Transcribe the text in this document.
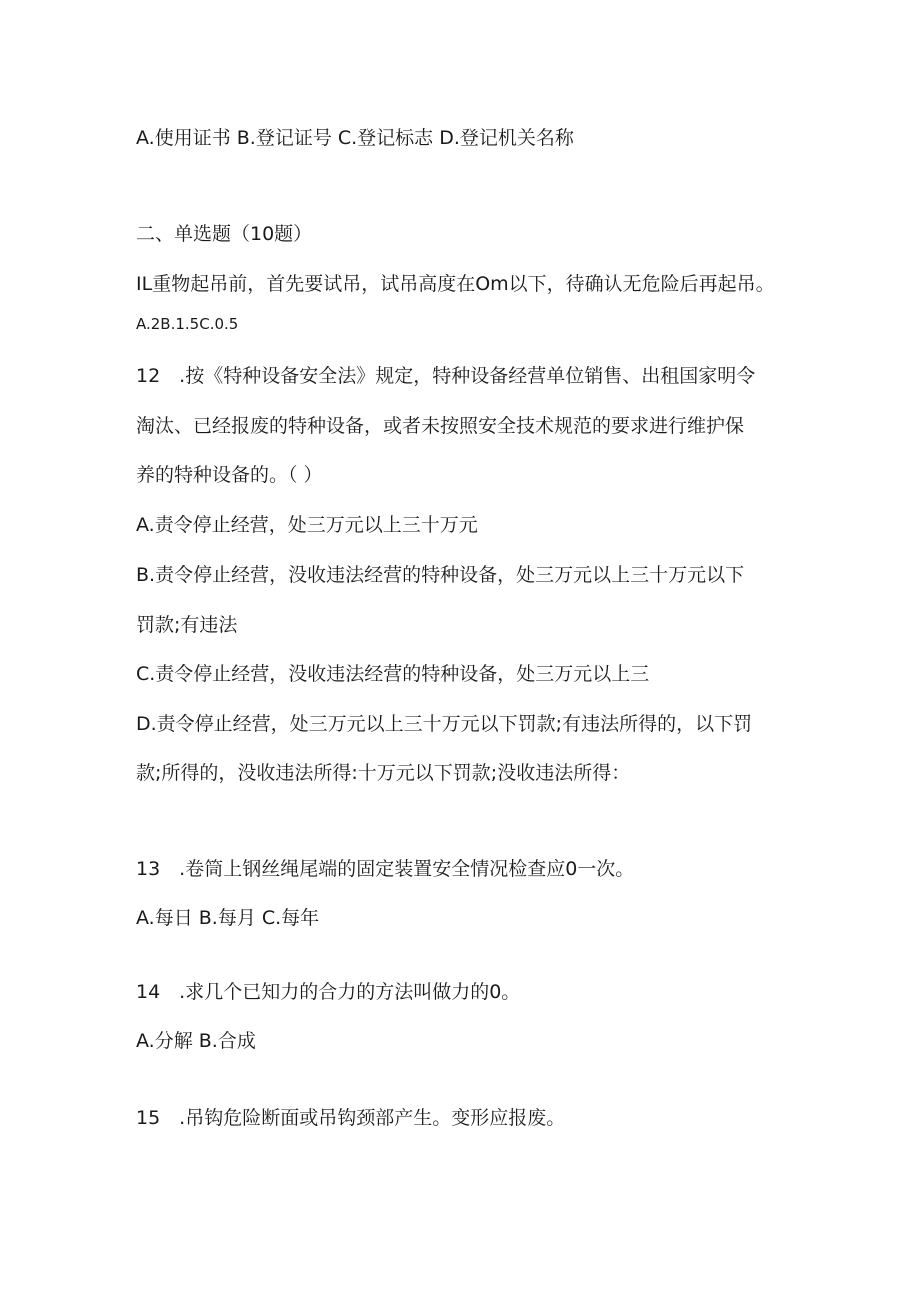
A.使用证书 B.登记证号 C.登记标志 D.登记机关名称
二、单选题（10题）
IL重物起吊前，首先要试吊，试吊高度在Om以下，待确认无危险后再起吊。
A.2B.1.5C.0.5
12　.按《特种设备安全法》规定，特种设备经营单位销售、出租国家明令
淘汰、已经报废的特种设备，或者未按照安全技术规范的要求进行维护保
养的特种设备的。（ ）
A.责令停止经营，处三万元以上三十万元
B.责令停止经营，没收违法经营的特种设备，处三万元以上三十万元以下
罚款;有违法
C.责令停止经营，没收违法经营的特种设备，处三万元以上三
D.责令停止经营，处三万元以上三十万元以下罚款;有违法所得的，以下罚
款;所得的，没收违法所得:十万元以下罚款;没收违法所得：
13　.卷筒上钢丝绳尾端的固定装置安全情况检查应0一次。
A.每日 B.每月 C.每年
14　.求几个已知力的合力的方法叫做力的0。
A.分解 B.合成
15　.吊钩危险断面或吊钩颈部产生。变形应报废。
